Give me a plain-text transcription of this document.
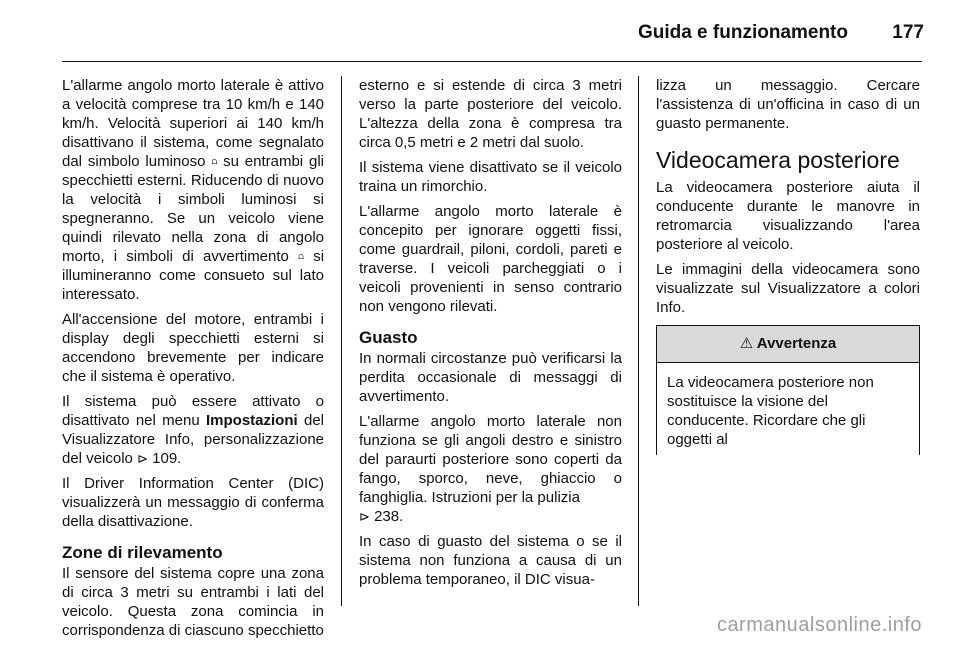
Guida e funzionamento 177

L'allarme angolo morto laterale è attivo a velocità comprese tra 10 km/h e 140 km/h. Velocità superiori ai 140 km/h disattivano il sistema, come segnalato dal simbolo luminoso ⩍ su entrambi gli specchietti esterni. Riducendo di nuovo la velocità i simboli luminosi si spegneranno. Se un veicolo viene quindi rilevato nella zona di angolo morto, i simboli di avvertimento ⩍ si illumineranno come consueto sul lato interessato.

All'accensione del motore, entrambi i display degli specchietti esterni si accendono brevemente per indicare che il sistema è operativo.

Il sistema può essere attivato o disattivato nel menu Impostazioni del Visualizzatore Info, personalizzazione del veicolo ⊳ 109.

Il Driver Information Center (DIC) visualizzerà un messaggio di conferma della disattivazione.

Zone di rilevamento

Il sensore del sistema copre una zona di circa 3 metri su entrambi i lati del veicolo. Questa zona comincia in corrispondenza di ciascuno specchietto

esterno e si estende di circa 3 metri verso la parte posteriore del veicolo. L'altezza della zona è compresa tra circa 0,5 metri e 2 metri dal suolo.

Il sistema viene disattivato se il veicolo traina un rimorchio.

L'allarme angolo morto laterale è concepito per ignorare oggetti fissi, come guardrail, piloni, cordoli, pareti e traverse. I veicoli parcheggiati o i veicoli provenienti in senso contrario non vengono rilevati.

Guasto

In normali circostanze può verificarsi la perdita occasionale di messaggi di avvertimento.

L'allarme angolo morto laterale non funziona se gli angoli destro e sinistro del paraurti posteriore sono coperti da fango, sporco, neve, ghiaccio o fanghiglia. Istruzioni per la pulizia
⊳ 238.

In caso di guasto del sistema o se il sistema non funziona a causa di un problema temporaneo, il DIC visua-

lizza un messaggio. Cercare l'assistenza di un'officina in caso di un guasto permanente.

Videocamera posteriore

La videocamera posteriore aiuta il conducente durante le manovre in retromarcia visualizzando l'area posteriore al veicolo.

Le immagini della videocamera sono visualizzate sul Visualizzatore a colori Info.

⚠ Avvertenza
La videocamera posteriore non sostituisce la visione del conducente. Ricordare che gli oggetti al
carmanualsonline.info
